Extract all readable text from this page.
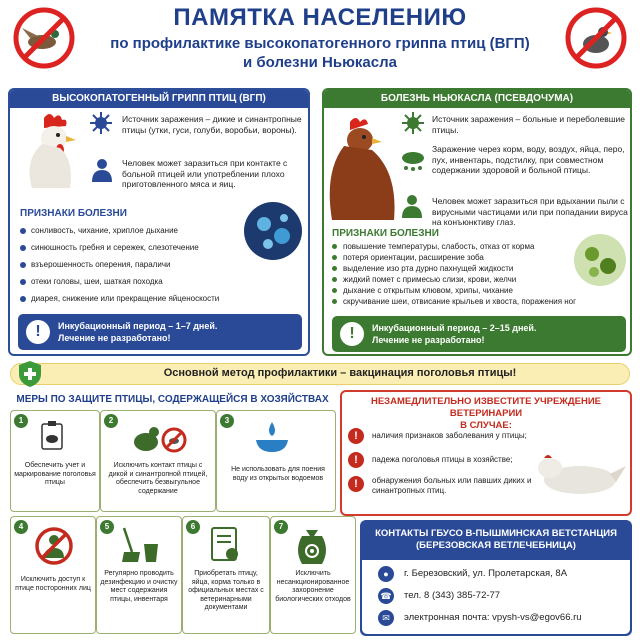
ПАМЯТКА НАСЕЛЕНИЮ
по профилактике высокопатогенного гриппа птиц (ВГП)
и болезни Ньюкасла
ВЫСОКОПАТОГЕННЫЙ ГРИПП ПТИЦ (ВГП)
Источник заражения – дикие и синантропные птицы (утки, гуси, голуби, воробьи, вороны).
Человек может заразиться при контакте с больной птицей или употреблении плохо приготовленного мяса и яиц.
ПРИЗНАКИ БОЛЕЗНИ
сонливость, чихание, хриплое дыхание
синюшность гребня и сережек, слезотечение
взъерошенность оперения, параличи
отеки головы, шеи, шаткая походка
диарея, снижение или прекращение яйценоскости
!	Инкубационный период – 1–7 дней.
Лечение не разработано!
БОЛЕЗНЬ НЬЮКАСЛА (ПСЕВДОЧУМА)
Источник заражения – больные и переболевшие птицы.
Заражение через корм, воду, воздух, яйца, перо, пух, инвентарь, подстилку, при совместном содержании здоровой и больной птицы.
Человек может заразиться при вдыхании пыли с вирусными частицами или при попадании вируса на конъюнктиву глаз.
ПРИЗНАКИ БОЛЕЗНИ
повышение температуры, слабость, отказ от корма
потеря ориентации, расширение зоба
выделение изо рта дурно пахнущей жидкости
жидкий помет с примесью слизи, крови, желчи
дыхание с открытым клювом, хрипы, чихание
скручивание шеи, отвисание крыльев и хвоста, поражения ног
!	Инкубационный период – 2–15 дней.
Лечение не разработано!
Основной метод профилактики – вакцинация поголовья птицы!
МЕРЫ ПО ЗАЩИТЕ ПТИЦЫ, СОДЕРЖАЩЕЙСЯ В ХОЗЯЙСТВАХ
1
Обеспечить учет и маркирование поголовья птицы
2
Исключить контакт птицы с дикой и синантропной птицей, обеспечить безвыгульное содержание
3
Не использовать для поения воду из открытых водоемов
4
Исключить доступ к птице посторонних лиц
5
Регулярно проводить дезинфекцию и очистку мест содержания птицы, инвентаря
6
Приобретать птицу, яйца, корма только в официальных местах с ветеринарными документами
7
Исключить несанкционированное захоронение биологических отходов
НЕЗАМЕДЛИТЕЛЬНО ИЗВЕСТИТЕ УЧРЕЖДЕНИЕ ВЕТЕРИНАРИИ
В СЛУЧАЕ:
!	наличия признаков заболевания у птицы;
!	падежа поголовья птицы в хозяйстве;
!	обнаружения больных или павших диких и синантропных птиц.
КОНТАКТЫ ГБУСО В-ПЫШМИНСКАЯ ВЕТСТАНЦИЯ
(БЕРЕЗОВСКАЯ ВЕТЛЕЧЕБНИЦА)
●	г. Березовский, ул. Пролетарская, 8А
☎ тел. 8 (343) 385-72-77
✉	электронная почта: vpysh-vs@egov66.ru
